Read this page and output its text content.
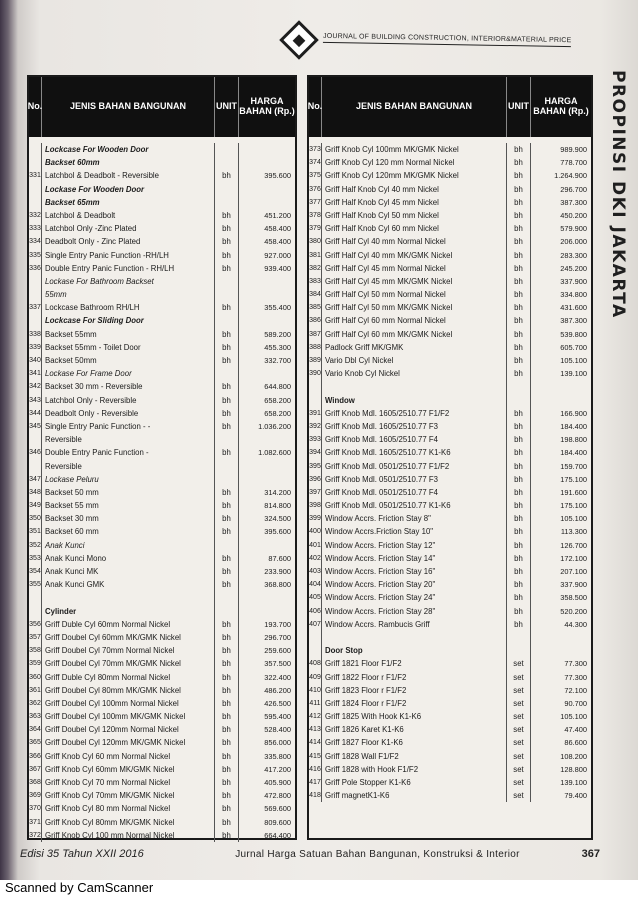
JOURNAL OF BUILDING CONSTRUCTION, INTERIOR&MATERIAL PRICE
PROPINSI DKI JAKARTA
No.	JENIS BAHAN BANGUNAN	UNIT	HARGA
BAHAN (Rp.)
Lockcase For Wooden Door
Backset 60mm
331 Latchbol & Deadbolt - Reversible	bh	395.600
Lockase For Wooden Door
Backset 65mm
332 Latchbol & Deadbolt	bh	451.200
333 Latchbol Only -Zinc Plated	bh	458.400
334 Deadbolt Only - Zinc Plated	bh	458.400
335 Single Entry Panic Function -RH/LH	bh	927.000
336 Double Entry Panic Function - RH/LH	bh	939.400
Lockase For Bathroom Backset
55mm
337 Lockcase Bathroom RH/LH	bh	355.400
Lockcase For Sliding Door
338 Backset 55mm	bh	589.200
339 Backset 55mm - Toilet Door	bh	455.300
340 Backset 50mm	bh	332.700
341 Lockase For Frame Door
342 Backset 30 mm - Reversible	bh	644.800
343 Latchbol Only - Reversible	bh	658.200
344 Deadbolt Only - Reversible	bh	658.200
345 Single Entry Panic Function - -	bh	1.036.200
Reversible
346 Double Entry Panic Function -	bh	1.082.600
Reversible
347 Lockase Peluru
348 Backset 50 mm	bh	314.200
349 Backset 55 mm	bh	814.800
350 Backset 30 mm	bh	324.500
351 Backset 60 mm	bh	395.600
352 Anak Kunci
353 Anak Kunci Mono	bh	87.600
354 Anak Kunci MK	bh	233.900
355 Anak Kunci GMK	bh	368.800
Cylinder
356 Griff Duble Cyl 60mm Normal Nickel	bh	193.700
357 Griff Doubel Cyl 60mm MK/GMK Nickel	bh	296.700
358 Griff Doubel Cyl 70mm Normal Nickel	bh	259.600
359 Griff Doubel Cyl 70mm MK/GMK Nickel	bh	357.500
360 Griff Duble Cyl 80mm Normal Nickel	bh	322.400
361 Griff Doubel Cyl 80mm MK/GMK Nickel	bh	486.200
362 Griff Doubel Cyl 100mm Normal Nickel	bh	426.500
363 Griff Doubel Cyl 100mm MK/GMK Nickel	bh	595.400
364 Griff Doubel Cyl 120mm Normal Nickel	bh	528.400
365 Griff Doubel Cyl 120mm MK/GMK Nickel	bh	856.000
366 Griff Knob Cyl 60 mm Normal Nickel	bh	335.800
367 Griff Knob Cyl 60mm MK/GMK Nickel	bh	417.200
368 Griff Knob Cyl 70 mm Normal Nickel	bh	405.900
369 Griff Knob Cyl 70mm MK/GMK Nickel	bh	472.800
370 Griff Knob Cyl 80 mm Normal Nickel	bh	569.600
371 Griff Knob Cyl 80mm MK/GMK Nickel	bh	809.600
372 Griff Knob Cyl 100 mm Normal Nickel	bh	664.400
No.	JENIS BAHAN BANGUNAN	UNIT	HARGA
BAHAN (Rp.)
373 Griff Knob Cyl 100mm MK/GMK Nickel	bh	989.900
374 Griff Knob Cyl 120 mm Normal Nickel	bh	778.700
375 Griff Knob Cyl 120mm MK/GMK Nickel	bh	1.264.900
376 Griff Half Knob Cyl 40 mm Nickel	bh	296.700
377 Griff Half Knob Cyl 45 mm Nickel	bh	387.300
378 Griff Half Knob Cyl 50 mm Nickel	bh	450.200
379 Griff Half Knob Cyl 60 mm Nickel	bh	579.900
380 Griff Half Cyl 40 mm Normal Nickel	bh	206.000
381 Griff Half Cyl 40 mm MK/GMK Nickel	bh	283.300
382 Griff Half Cyl 45 mm Normal Nickel	bh	245.200
383 Griff Half Cyl 45 mm MK/GMK Nickel	bh	337.900
384 Griff Half Cyl 50 mm Normal Nickel	bh	334.800
385 Griff Half Cyl 50 mm MK/GMK Nickel	bh	431.600
386 Griff Half Cyl 60 mm Normal Nickel	bh	387.300
387 Griff Half Cyl 60 mm MK/GMK Nickel	bh	539.800
388 Padlock Griff MK/GMK	bh	605.700
389 Vario Dbl Cyl Nickel	bh	105.100
390 Vario Knob Cyl Nickel	bh	139.100
Window
391 Griff Knob Mdl. 1605/2510.77 F1/F2	bh	166.900
392 Griff Knob Mdl. 1605/2510.77 F3	bh	184.400
393 Griff Knob Mdl. 1605/2510.77 F4	bh	198.800
394 Griff Knob Mdl. 1605/2510.77 K1-K6	bh	184.400
395 Griff Knob Mdl. 0501/2510.77 F1/F2	bh	159.700
396 Griff Knob Mdl. 0501/2510.77 F3	bh	175.100
397 Griff Knob Mdl. 0501/2510.77 F4	bh	191.600
398 Griff Knob Mdl. 0501/2510.77 K1-K6	bh	175.100
399 Window Accrs. Friction Stay 8"	bh	105.100
400 Window Accrs.Friction Stay 10"	bh	113.300
401 Window Accrs. Friction Stay 12"	bh	126.700
402 Window Accrs. Friction Stay 14"	bh	172.100
403 Window Accrs. Friction Stay 16"	bh	207.100
404 Window Accrs. Friction Stay 20"	bh	337.900
405 Window Accrs. Friction Stay 24"	bh	358.500
406 Window Accrs. Friction Stay 28"	bh	520.200
407 Window Accrs. Rambucis Griff	bh	44.300
Door Stop
408 Griff 1821 Floor F1/F2	set	77.300
409 Griff 1822 Floor r F1/F2	set	77.300
410 Griff 1823 Floor r F1/F2	set	72.100
411 Griff 1824 Floor r F1/F2	set	90.700
412 Griff 1825 With Hook K1-K6	set	105.100
413 Griff 1826 Karet K1-K6	set	47.400
414 Griff 1827 Floor K1-K6	set	86.600
415 Griff 1828 Wall F1/F2	set	108.200
416 Griff 1828 with Hook F1/F2	set	128.800
417 Griff Pole Stopper K1-K6	set	139.100
418 Griff magnetK1-K6	set	79.400
Edisi 35 Tahun XXII 2016	Jurnal Harga Satuan Bahan Bangunan, Konstruksi & Interior	367
Scanned by CamScanner
